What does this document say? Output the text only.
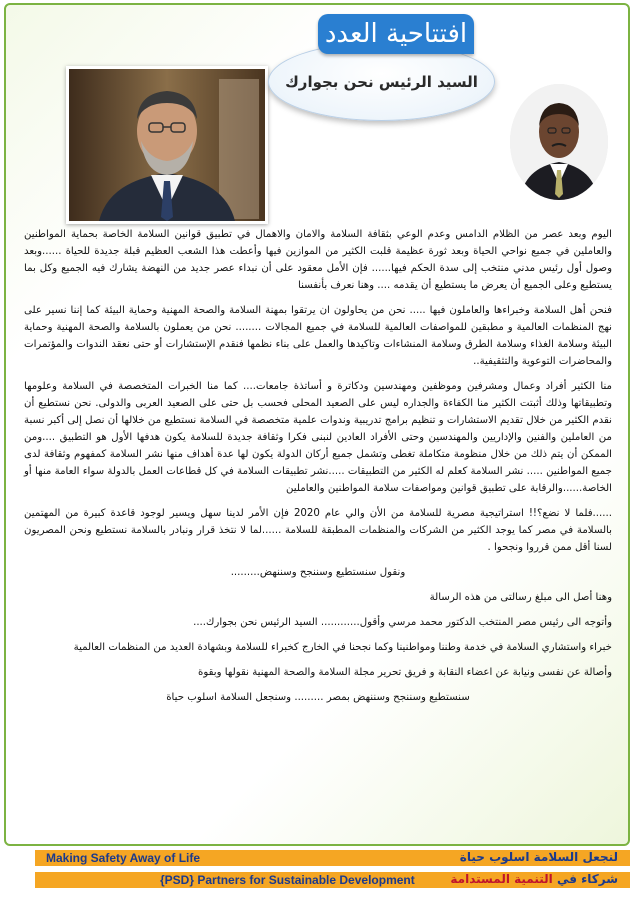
السيد الرئيس نحن بجوارك
افتتاحية العدد

اليوم وبعد عصر من الظلام الدامس وعدم الوعي بثقافة السلامة والامان والاهمال في تطبيق قوانين السلامة الخاصة بحماية المواطنين والعاملين في جميع نواحي الحياة وبعد ثورة عظيمة قلبت الكثير من الموازين فيها وأعطت هذا الشعب العظيم قبلة جديدة للحياة ......وبعد وصول أول رئيس مدني منتخب إلى سدة الحكم فيها...... فإن الأمل معقود على أن نبداء عصر جديد من النهضة يشارك فيه الجميع وكل بما يستطيع وعلى الجميع أن يعرض ما يستطيع أن يقدمه .... وهنا نعرف بأنفسنا

فنحن أهل السلامة وخبراءها والعاملون فيها ..... نحن من يحاولون ان يرتقوا بمهنة السلامة والصحة المهنية وحماية البيئة كما إننا نسير على نهج المنظمات العالمية و مطبقين للمواصفات العالمية للسلامة في جميع المجالات ........ نحن من يعملون بالسلامة والصحة المهنية وحماية البيئة وسلامة الغذاء وسلامة الطرق وسلامة المنشاءات وتاكيدها والعمل على بناء نظمها فنقدم الإستشارات أو حتى نعقد الندوات والمؤتمرات والمحاضرات التوعوية والتثقيفية..

منا الكثير أفراد وعمال ومشرفين وموظفين ومهندسين ودكاترة و أساتذة جامعات.... كما منا الخبرات المتخصصة في السلامة وعلومها وتطبيقاتها وذلك أثبتت الكثير منا الكفاءة والجداره ليس على الصعيد المحلى فحسب بل حتى على الصعيد العربى والدولى. نحن نستطيع أن نقدم الكثير من خلال تقديم الاستشارات و تنظيم برامج تدريبية وندوات علمية متخصصة في السلامة نستطيع من خلالها أن نصل إلى أكبر نسبة من العاملين والفنين والإداريين والمهندسين وحتى الأفراد العادين لنبنى فكرا وثقافة جديدة للسلامة يكون هدفها الأول هو التطبيق ....ومن الممكن أن يتم ذلك من خلال منظومة متكاملة تغطى وتشمل جميع أركان الدولة يكون لها عدة أهداف منها نشر السلامة كمفهوم وثقافة لدى جميع المواطنين ..... نشر السلامة كعلم له الكثير من التطبيقات .....نشر تطبيقات السلامة في كل قطاعات العمل بالدولة سواء العامة منها أو الخاصة......والرقابة على تطبيق قوانين ومواصفات سلامة المواطنين والعاملين

......فلما لا نضع؟!! استراتيجية مصرية للسلامة من الأن والي عام 2020 فإن الأمر لدينا سهل ويسير لوجود قاعدة كبيرة من المهتمين بالسلامة في مصر كما يوجد الكثير من الشركات والمنظمات المطبقة للسلامة ......لما لا نتخذ قرار ونبادر بالسلامة نستطيع ونحن المصريون لسنا أقل ممن قرروا ونجحوا .

ونقول سنستطيع وسننجح وسننهض.........

وهنا أصل الى مبلغ رسالتى من هذه الرسالة

وأتوجه الى رئيس مصر المنتخب الدكتور محمد مرسي وأقول............ السيد الرئيس نحن بجوارك....

خبراء واستشاري السلامة في خدمة وطننا ومواطنينا وكما نجحنا في الخارج كخبراء للسلامة وبشهادة العديد من المنظمات العالمية

وأصالة عن نفسى ونيابة عن اعضاء النقابة و فريق تحرير مجلة السلامة والصحة المهنية نقولها وبقوة

سنستطيع وسننجح وسننهض بمصر ......... وسنجعل السلامة اسلوب حياة

Making Safety Away of Life
{PSD} Partners for Sustainable Development
لنجعل السلامة اسلوب حياة
شركاء في التنمية المستدامة
